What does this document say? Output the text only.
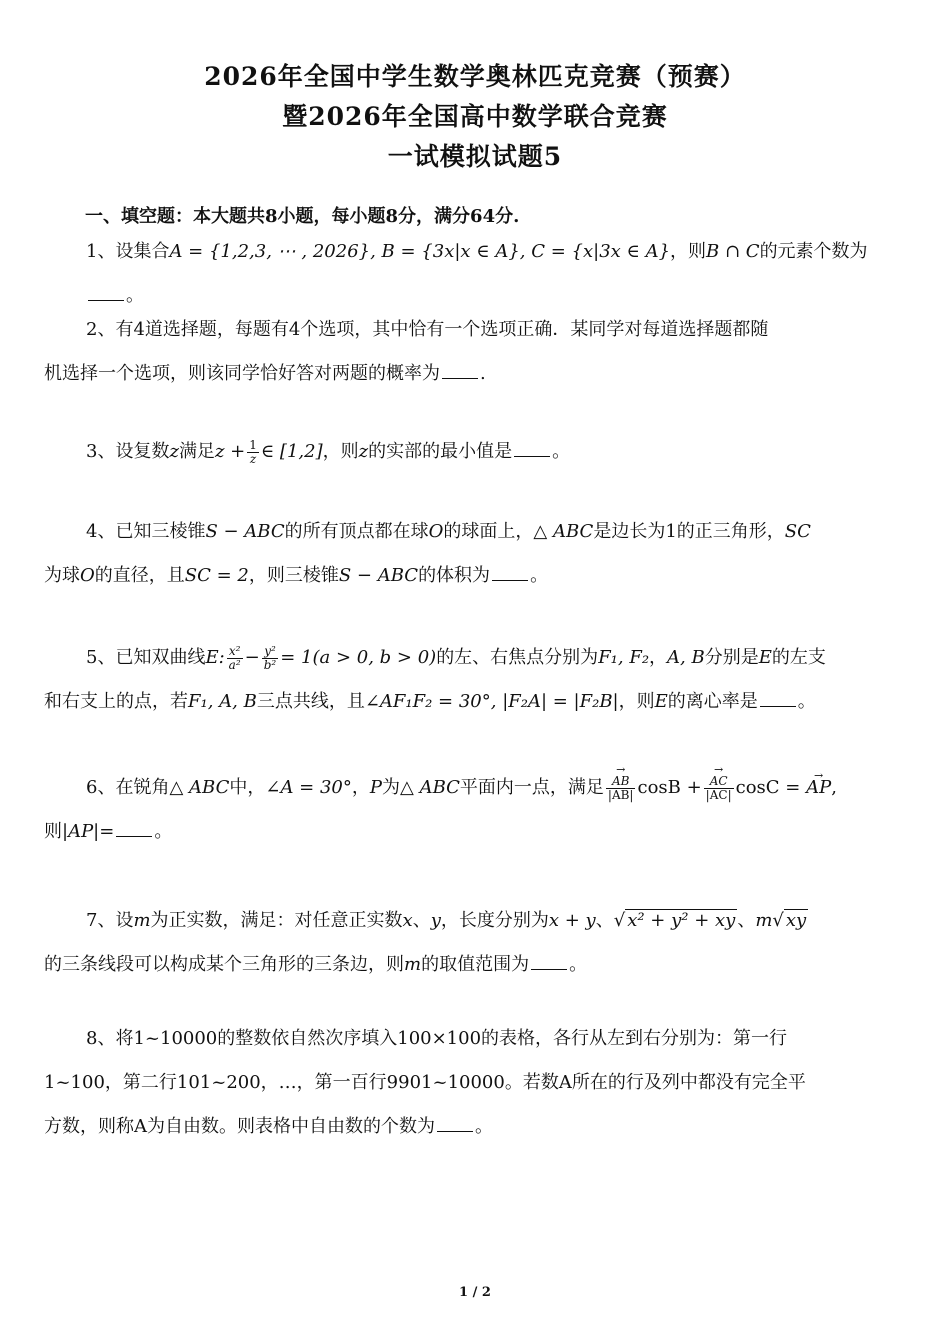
2026年全国中学生数学奥林匹克竞赛（预赛）
暨2026年全国高中数学联合竞赛
一试模拟试题5
一、填空题：本大题共8小题，每小题8分，满分64分.
1、设集合A = {1,2,3, ⋯ , 2026}, B = {3x|x ∈ A}, C = {x|3x ∈ A}，则B ∩ C的元素个数为。
2、有4道选择题，每题有4个选项，其中恰有一个选项正确．某同学对每道选择题都随
机选择一个选项，则该同学恰好答对两题的概率为 .
3、设复数z满足$z + \frac{1}{z}$ ∈ [1,2]，则z的实部的最小值是 。
4、已知三棱锥S − ABC的所有顶点都在球O的球面上，△ ABC是边长为1的正三角形，SC
为球O的直径，且SC = 2，则三棱锥S − ABC的体积为 。
5、已知双曲线E: $\frac{\text{x²}}{\text{a²}} - \frac{\text{y²}}{\text{b²}} = 1(a > 0$, b > 0)的左、右焦点分别为F₁, F₂，A, B分别是E的左支
和右支上的点，若F₁, A, B三点共线，且∠AF₁F₂ = 30°, |F₂A| = |F₂B|，则E的离心率是 。
6、在锐角△ ABC中，∠A = 30°，P为△ ABC平面内一点，满足 → $\frac{AB}{|AB|}$ cosB + → $\frac{AC}{|AC|}$ cosC = → AP,
则|AP|= 。
7、设m为正实数，满足：对任意正实数x、y，长度分别为x + y、√ x² + y² + xy 、m√ xy
的三条线段可以构成某个三角形的三条边，则m的取值范围为 。
8、将1~10000的整数依自然次序填入100×100的表格，各行从左到右分别为：第一行
1~100，第二行101~200，…，第一百行9901~10000。若数A所在的行及列中都没有完全平
方数，则称A为自由数。则表格中自由数的个数为 。
1 / 2
